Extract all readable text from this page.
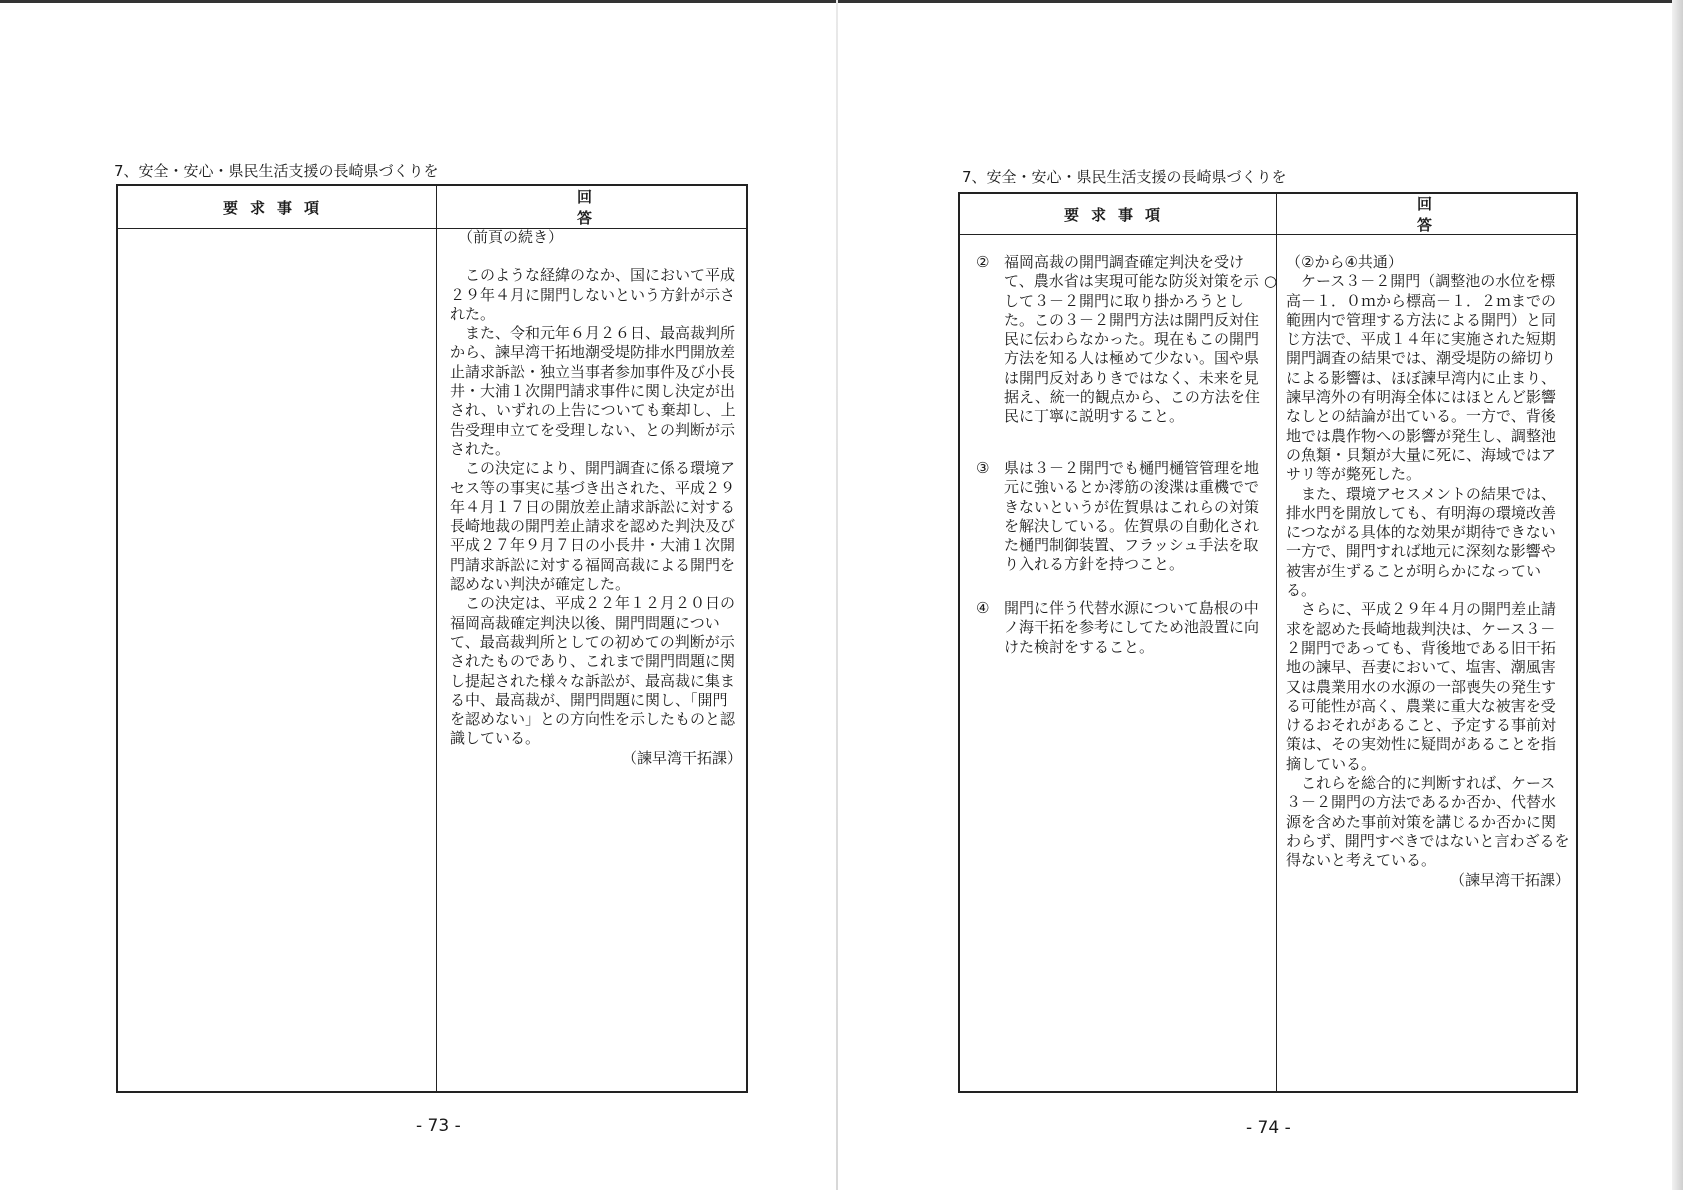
7、安全・安心・県民生活支援の長崎県づくりを
要求事項
回答

（前頁の続き）

このような経緯のなか、国において平成２９年４月に開門しないという方針が示された。

また、令和元年６月２６日、最高裁判所から、諫早湾干拓地潮受堤防排水門開放差止請求訴訟・独立当事者参加事件及び小長井・大浦１次開門請求事件に関し決定が出され、いずれの上告についても棄却し、上告受理申立てを受理しない、との判断が示された。

この決定により、開門調査に係る環境アセス等の事実に基づき出された、平成２９年４月１７日の開放差止請求訴訟に対する長崎地裁の開門差止請求を認めた判決及び平成２７年９月７日の小長井・大浦１次開門請求訴訟に対する福岡高裁による開門を認めない判決が確定した。

この決定は、平成２２年１２月２０日の福岡高裁確定判決以後、開門問題について、最高裁判所としての初めての判断が示されたものであり、これまで開門問題に関し提起された様々な訴訟が、最高裁に集まる中、最高裁が、開門問題に関し、「開門を認めない」との方向性を示したものと認識している。

（諫早湾干拓課）

- 73 -
7、安全・安心・県民生活支援の長崎県づくりを
要求事項
回答
② 福岡高裁の開門調査確定判決を受けて、農水省は実現可能な防災対策を示して３－２開門に取り掛かろうとした。この３－２開門方法は開門反対住民に伝わらなかった。現在もこの開門方法を知る人は極めて少ない。国や県は開門反対ありきではなく、未来を見据え、統一的観点から、この方法を住民に丁寧に説明すること。
③ 県は３－２開門でも樋門樋管管理を地元に強いるとか澪筋の浚渫は重機でできないというが佐賀県はこれらの対策を解決している。佐賀県の自動化された樋門制御装置、フラッシュ手法を取り入れる方針を持つこと。
④ 開門に伴う代替水源について島根の中ノ海干拓を参考にしてため池設置に向けた検討をすること。

（②から④共通）

○ ケース３－２開門（調整池の水位を標高－１．０ｍから標高－１．２ｍまでの範囲内で管理する方法による開門）と同じ方法で、平成１４年に実施された短期開門調査の結果では、潮受堤防の締切りによる影響は、ほぼ諫早湾内に止まり、諫早湾外の有明海全体にはほとんど影響なしとの結論が出ている。一方で、背後地では農作物への影響が発生し、調整池の魚類・貝類が大量に死に、海域ではアサリ等が斃死した。

また、環境アセスメントの結果では、排水門を開放しても、有明海の環境改善につながる具体的な効果が期待できない一方で、開門すれば地元に深刻な影響や被害が生ずることが明らかになっている。

さらに、平成２９年４月の開門差止請求を認めた長崎地裁判決は、ケース３－２開門であっても、背後地である旧干拓地の諫早、吾妻において、塩害、潮風害又は農業用水の水源の一部喪失の発生する可能性が高く、農業に重大な被害を受けるおそれがあること、予定する事前対策は、その実効性に疑問があることを指摘している。

これらを総合的に判断すれば、ケース３－２開門の方法であるか否か、代替水源を含めた事前対策を講じるか否かに関わらず、開門すべきではないと言わざるを得ないと考えている。

（諫早湾干拓課）

- 74 -
